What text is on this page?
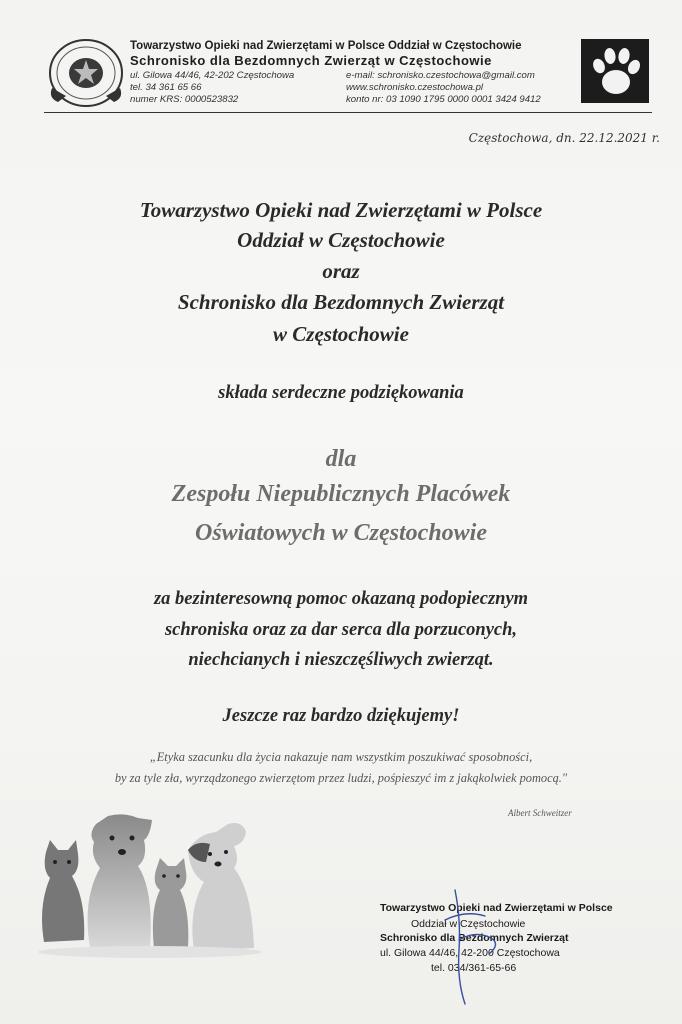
Towarzystwo Opieki nad Zwierzętami w Polsce Oddział w Częstochowie
Schronisko dla Bezdomnych Zwierząt w Częstochowie
ul. Gilowa 44/46, 42-202 Częstochowa
tel. 34 361 65 66
numer KRS: 0000523832
e-mail: schronisko.czestochowa@gmail.com
www.schronisko.czestochowa.pl
konto nr: 03 1090 1795 0000 0001 3424 9412
Częstochowa, dn. 22.12.2021 r.
Towarzystwo Opieki nad Zwierzętami w Polsce
Oddział w Częstochowie
oraz
Schronisko dla Bezdomnych Zwierząt
w Częstochowie
składa serdeczne podziękowania
dla
Zespołu Niepublicznych Placówek
Oświatowych w Częstochowie
za bezinteresowną pomoc okazaną podopiecznym
schroniska oraz za dar serca dla porzuconych,
niechcianych i nieszczęśliwych zwierząt.
Jeszcze raz bardzo dziękujemy!
„Etyka szacunku dla życia nakazuje nam wszystkim poszukiwać sposobności,
by za tyle zła, wyrządzonego zwierzętom przez ludzi, pośpieszyć im z jakąkolwiek pomocą."
Albert Schweitzer
Towarzystwo Opieki nad Zwierzętami w Polsce
Oddział w Częstochowie
Schronisko dla Bezdomnych Zwierząt
ul. Gilowa 44/46, 42-200 Częstochowa
tel. 034/361-65-66
